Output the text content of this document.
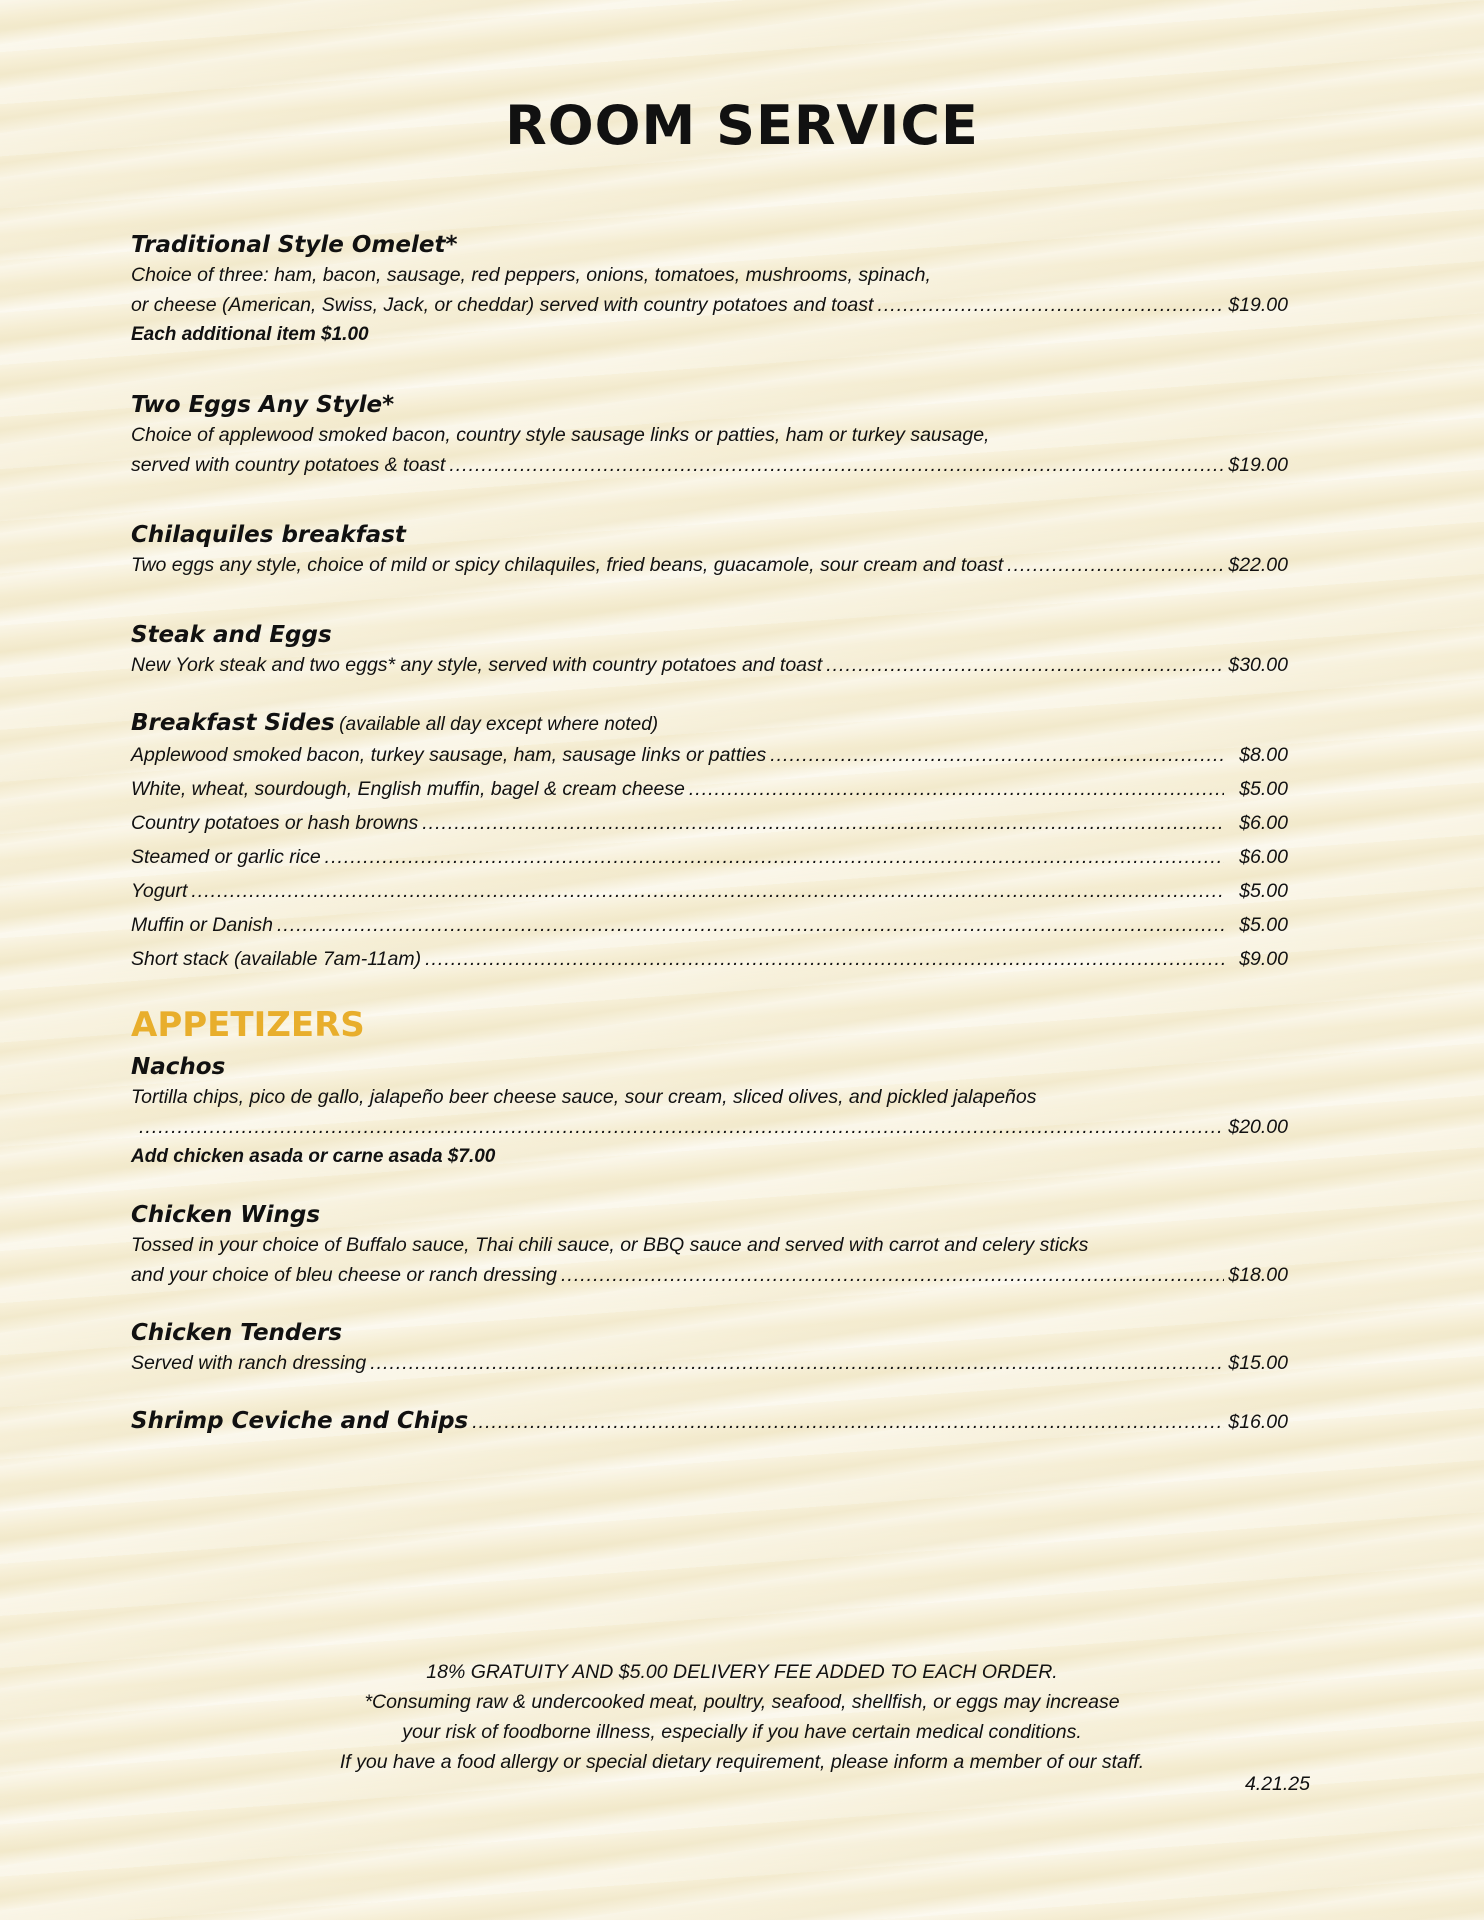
ROOM SERVICE
Traditional Style Omelet*
Choice of three: ham, bacon, sausage, red peppers, onions, tomatoes, mushrooms, spinach,
or cheese (American, Swiss, Jack, or cheddar) served with country potatoes and toast .....	$19.00
Each additional item $1.00
Two Eggs Any Style*
Choice of applewood smoked bacon, country style sausage links or patties, ham or turkey sausage,
served with country potatoes & toast .....	$19.00
Chilaquiles breakfast
Two eggs any style, choice of mild or spicy chilaquiles, fried beans, guacamole, sour cream and toast .....	$22.00
Steak and Eggs
New York steak and two eggs* any style, served with country potatoes and toast .....	$30.00
Breakfast Sides (available all day except where noted)
Applewood smoked bacon, turkey sausage, ham, sausage links or patties .....	$8.00
White, wheat, sourdough, English muffin, bagel & cream cheese .....	$5.00
Country potatoes or hash browns .....	$6.00
Steamed or garlic rice .....	$6.00
Yogurt .....	$5.00
Muffin or Danish .....	$5.00
Short stack (available 7am-11am) .....	$9.00
APPETIZERS
Nachos
Tortilla chips, pico de gallo, jalapeño beer cheese sauce, sour cream, sliced olives, and pickled jalapeños
.....
$20.00
Add chicken asada or carne asada $7.00
Chicken Wings
Tossed in your choice of Buffalo sauce, Thai chili sauce, or BBQ sauce and served with carrot and celery sticks
and your choice of bleu cheese or ranch dressing .....	$18.00
Chicken Tenders
Served with ranch dressing .....	$15.00
Shrimp Ceviche and Chips .....	$16.00
18% GRATUITY AND $5.00 DELIVERY FEE ADDED TO EACH ORDER.
*Consuming raw & undercooked meat, poultry, seafood, shellfish, or eggs may increase
your risk of foodborne illness, especially if you have certain medical conditions.
If you have a food allergy or special dietary requirement, please inform a member of our staff.
4.21.25
